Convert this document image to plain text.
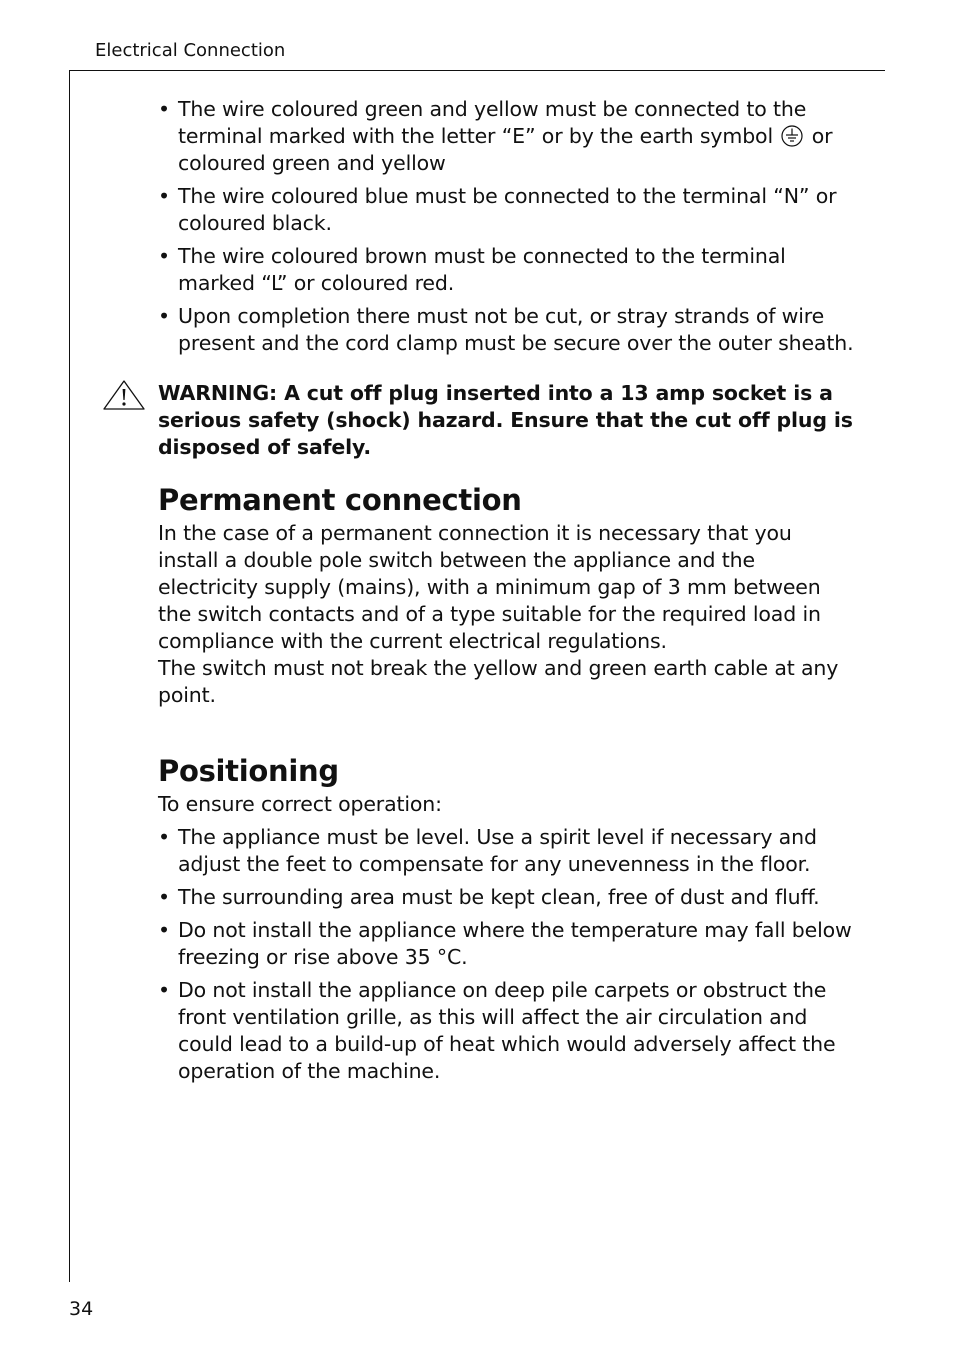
Electrical Connection
• The wire coloured green and yellow must be connected to the terminal marked with the letter “E” or by the earth symbol or coloured green and yellow
• The wire coloured blue must be connected to the terminal “N” or coloured black.
• The wire coloured brown must be connected to the terminal marked “L” or coloured red.
• Upon completion there must not be cut, or stray strands of wire present and the cord clamp must be secure over the outer sheath.

WARNING: A cut off plug inserted into a 13 amp socket is a serious safety (shock) hazard. Ensure that the cut off plug is disposed of safely.

Permanent connection

In the case of a permanent connection it is necessary that you install a double pole switch between the appliance and the electricity supply (mains), with a minimum gap of 3 mm between the switch contacts and of a type suitable for the required load in compliance with the current electrical regulations.

The switch must not break the yellow and green earth cable at any point.

Positioning

To ensure correct operation:

• The appliance must be level. Use a spirit level if necessary and adjust the feet to compensate for any unevenness in the floor.
• The surrounding area must be kept clean, free of dust and fluff.
• Do not install the appliance where the temperature may fall below freezing or rise above 35 °C.
• Do not install the appliance on deep pile carpets or obstruct the front ventilation grille, as this will affect the air circulation and could lead to a build-up of heat which would adversely affect the operation of the machine.
34
